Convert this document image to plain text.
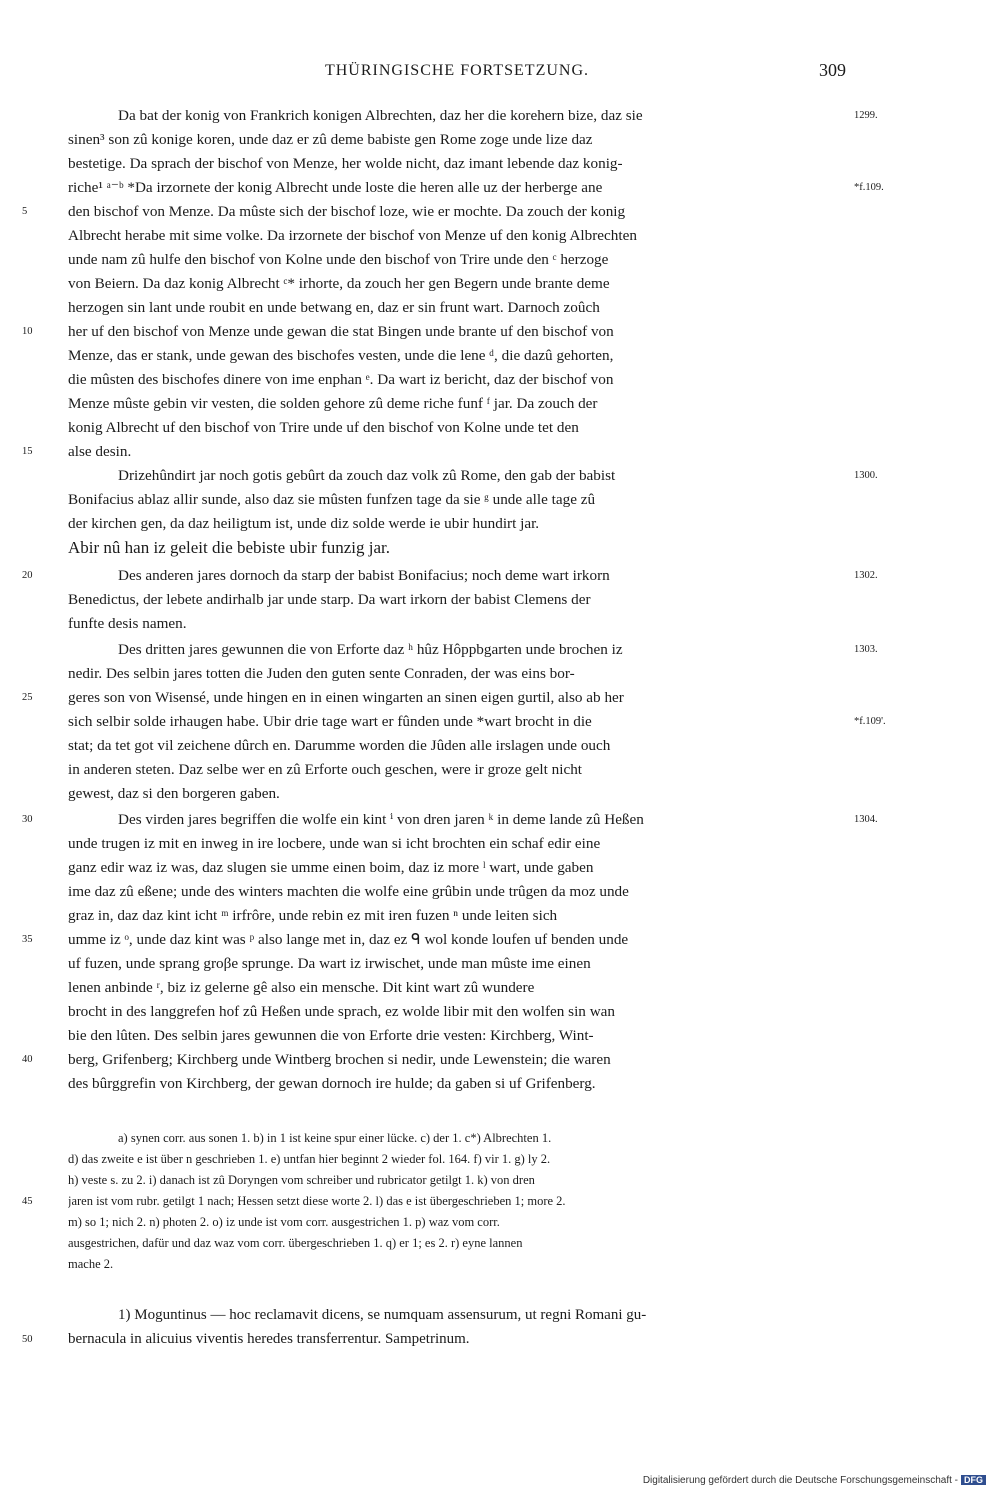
THÜRINGISCHE FORTSETZUNG.	309
Da bat der konig von Frankrich konigen Albrechten, daz her die korehern bize, daz sie
sinen³ son zû konige koren, unde daz er zû deme babiste gen Rome zoge unde lize daz
bestetige. Da sprach der bischof von Menze, her wolde nicht, daz imant lebende daz konig-
riche¹ ᵃ⁻ᵇ *Da irzornete der konig Albrecht unde loste die heren alle uz der herberge ane
den bischof von Menze. Da mûste sich der bischof loze, wie er mochte. Da zouch der konig
Albrecht herabe mit sime volke. Da irzornete der bischof von Menze uf den konig Albrechten
unde nam zû hulfe den bischof von Kolne unde den bischof von Trire unde den ᶜ herzoge
von Beiern. Da daz konig Albrecht ᶜ* irhorte, da zouch her gen Begern unde brante deme
herzogen sin lant unde roubit en unde betwang en, daz er sin frunt wart. Darnoch zoûch
her uf den bischof von Menze unde gewan die stat Bingen unde brante uf den bischof von
Menze, das er stank, unde gewan des bischofes vesten, unde die lene ᵈ, die dazû gehorten,
die mûsten des bischofes dinere von ime enphan ᵉ. Da wart iz bericht, daz der bischof von
Menze mûste gebin vir vesten, die solden gehore zû deme riche funf ᶠ jar. Da zouch der
konig Albrecht uf den bischof von Trire unde uf den bischof von Kolne unde tet den
alse desin.
Drizehûndirt jar noch gotis gebûrt da zouch daz volk zû Rome, den gab der babist
Bonifacius ablaz allir sunde, also daz sie mûsten funfzen tage da sie ᵍ unde alle tage zû
der kirchen gen, da daz heiligtum ist, unde diz solde werde ie ubir hundirt jar.
Abir nû han iz geleit die bebiste ubir funzig jar.
Des anderen jares dornoch da starp der babist Bonifacius; noch deme wart irkorn
Benedictus, der lebete andirhalb jar unde starp. Da wart irkorn der babist Clemens der
funfte desis namen.
Des dritten jares gewunnen die von Erforte daz ʰ hûz Hôppbgarten unde brochen iz
nedir. Des selbin jares totten die Juden den guten sente Conraden, der was eins bor-
geres son von Wisensé, unde hingen en in einen wingarten an sinen eigen gurtil, also ab her
sich selbir solde irhaugen habe. Ubir drie tage wart er fûnden unde *wart brocht in die
stat; da tet got vil zeichene dûrch en. Darumme worden die Jûden alle irslagen unde ouch
in anderen steten. Daz selbe wer en zû Erforte ouch geschen, were ir groze gelt nicht
gewest, daz si den borgeren gaben.
Des virden jares begriffen die wolfe ein kint ⁱ von dren jaren ᵏ in deme lande zû Heßen
unde trugen iz mit en inweg in ire locbere, unde wan si icht brochten ein schaf edir eine
ganz edir waz iz was, daz slugen sie umme einen boim, daz iz more ˡ wart, unde gaben
ime daz zû eßene; unde des winters machten die wolfe eine grûbin unde trûgen da moz unde
graz in, daz daz kint icht ᵐ irfrôre, unde rebin ez mit iren fuzen ⁿ unde leiten sich
umme iz ᵒ, unde daz kint was ᵖ also lange met in, daz ez ᑫ wol konde loufen uf benden unde
uf fuzen, unde sprang groβe sprunge. Da wart iz irwischet, unde man mûste ime einen
lenen anbinde ʳ, biz iz gelerne gê also ein mensche. Dit kint wart zû wundere
brocht in des langgrefen hof zû Heßen unde sprach, ez wolde libir mit den wolfen sin wan
bie den lûten. Des selbin jares gewunnen die von Erforte drie vesten: Kirchberg, Wint-
berg, Grifenberg; Kirchberg unde Wintberg brochen si nedir, unde Lewenstein; die waren
des bûrggrefin von Kirchberg, der gewan dornoch ire hulde; da gaben si uf Grifenberg.
5
10
15
20
25
30
35
40
1299.
*f.109.
1300.
1302.
1303.
*f.109'.
1304.
a) synen corr. aus sonen 1. b) in 1 ist keine spur einer lücke. c) der 1. c*) Albrechten 1.
d) das zweite e ist über n geschrieben 1. e) untfan hier beginnt 2 wieder fol. 164. f) vir 1. g) ly 2.
h) veste s. zu 2. i) danach ist zû Doryngen vom schreiber und rubricator getilgt 1. k) von dren
jaren ist vom rubr. getilgt 1 nach; Hessen setzt diese worte 2. l) das e ist übergeschrieben 1; more 2.
m) so 1; nich 2. n) photen 2. o) iz unde ist vom corr. ausgestrichen 1. p) waz vom corr.
ausgestrichen, dafür und daz waz vom corr. übergeschrieben 1. q) er 1; es 2. r) eyne lannen
mache 2.
45
1) Moguntinus — hoc reclamavit dicens, se numquam assensurum, ut regni Romani gu-
bernacula in alicuius viventis heredes transferrentur. Sampetrinum.
50
Digitalisierung gefördert durch die Deutsche Forschungsgemeinschaft - DFG
